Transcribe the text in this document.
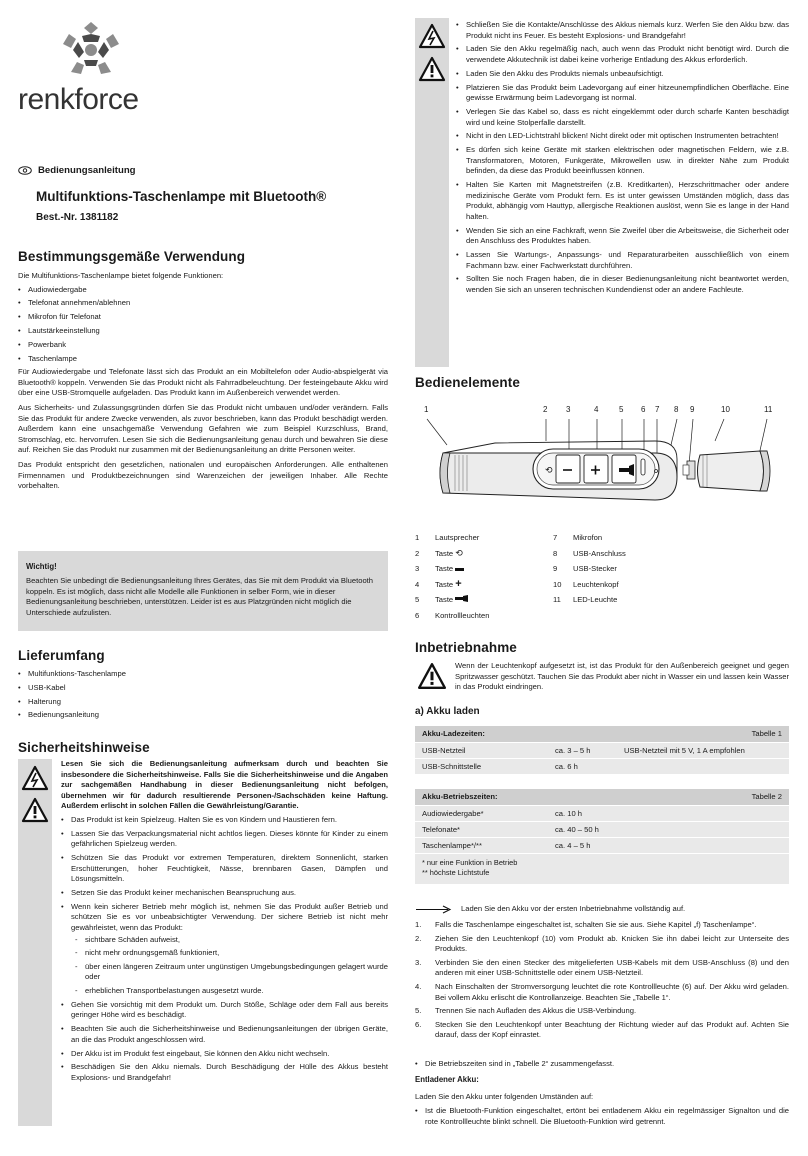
renkforce
Bedienungsanleitung
Multifunktions-Taschenlampe mit Bluetooth®
Best.-Nr. 1381182
Bestimmungsgemäße Verwendung
Die Multifunktions-Taschenlampe bietet folgende Funktionen:
• Audiowiedergabe
• Telefonat annehmen/ablehnen
• Mikrofon für Telefonat
• Lautstärkeeinstellung
• Powerbank
• Taschenlampe
Für Audiowiedergabe und Telefonate lässt sich das Produkt an ein Mobiltelefon oder Audio-abspielgerät via Bluetooth® koppeln. Verwenden Sie das Produkt nicht als Fahrradbeleuchtung. Der festeingebaute Akku wird über eine USB-Stromquelle aufgeladen. Das Produkt kann im Außenbereich verwendet werden.
Aus Sicherheits- und Zulassungsgründen dürfen Sie das Produkt nicht umbauen und/oder verändern. Falls Sie das Produkt für andere Zwecke verwenden, als zuvor beschrieben, kann das Produkt beschädigt werden. Außerdem kann eine unsachgemäße Verwendung Gefahren wie zum Beispiel Kurzschluss, Brand, Stromschlag, etc. hervorrufen. Lesen Sie sich die Bedienungsanleitung genau durch und bewahren Sie diese auf. Reichen Sie das Produkt nur zusammen mit der Bedienungsanleitung an dritte Personen weiter.
Das Produkt entspricht den gesetzlichen, nationalen und europäischen Anforderungen. Alle enthaltenen Firmennamen und Produktbezeichnungen sind Warenzeichen der jeweiligen Inhaber. Alle Rechte vorbehalten.
Wichtig!
Beachten Sie unbedingt die Bedienungsanleitung Ihres Gerätes, das Sie mit dem Produkt via Bluetooth koppeln. Es ist möglich, dass nicht alle Modelle alle Funktionen in selber Form, wie in dieser Bedienungsanleitung beschrieben, unterstützen. Leider ist es aus Platzgründen nicht möglich die Unterschiede aufzulisten.
Lieferumfang
• Multifunktions-Taschenlampe
• USB-Kabel
• Halterung
• Bedienungsanleitung
Sicherheitshinweise
Lesen Sie sich die Bedienungsanleitung aufmerksam durch und beachten Sie insbesondere die Sicherheitshinweise. Falls Sie die Sicherheitshinweise und die Angaben zur sachgemäßen Handhabung in dieser Bedienungsanleitung nicht befolgen, übernehmen wir für dadurch resultierende Personen-/Sachschäden keine Haftung. Außerdem erlischt in solchen Fällen die Gewährleistung/Garantie.
• Das Produkt ist kein Spielzeug. Halten Sie es von Kindern und Haustieren fern.
• Lassen Sie das Verpackungsmaterial nicht achtlos liegen. Dieses könnte für Kinder zu einem gefährlichen Spielzeug werden.
• Schützen Sie das Produkt vor extremen Temperaturen, direktem Sonnenlicht, starken Erschütterungen, hoher Feuchtigkeit, Nässe, brennbaren Gasen, Dämpfen und Lösungsmitteln.
• Setzen Sie das Produkt keiner mechanischen Beanspruchung aus.
• Wenn kein sicherer Betrieb mehr möglich ist, nehmen Sie das Produkt außer Betrieb und schützen Sie es vor unbeabsichtigter Verwendung. Der sichere Betrieb ist nicht mehr gewährleistet, wenn das Produkt:
- sichtbare Schäden aufweist,
- nicht mehr ordnungsgemäß funktioniert,
- über einen längeren Zeitraum unter ungünstigen Umgebungsbedingungen gelagert wurde oder
- erheblichen Transportbelastungen ausgesetzt wurde.
• Gehen Sie vorsichtig mit dem Produkt um. Durch Stöße, Schläge oder dem Fall aus bereits geringer Höhe wird es beschädigt.
• Beachten Sie auch die Sicherheitshinweise und Bedienungsanleitungen der übrigen Geräte, an die das Produkt angeschlossen wird.
• Der Akku ist im Produkt fest eingebaut, Sie können den Akku nicht wechseln.
• Beschädigen Sie den Akku niemals. Durch Beschädigung der Hülle des Akkus besteht Explosions- und Brandgefahr!
• Schließen Sie die Kontakte/Anschlüsse des Akkus niemals kurz. Werfen Sie den Akku bzw. das Produkt nicht ins Feuer. Es besteht Explosions- und Brandgefahr!
• Laden Sie den Akku regelmäßig nach, auch wenn das Produkt nicht benötigt wird. Durch die verwendete Akkutechnik ist dabei keine vorherige Entladung des Akkus erforderlich.
• Laden Sie den Akku des Produkts niemals unbeaufsichtigt.
• Platzieren Sie das Produkt beim Ladevorgang auf einer hitzeunempfindlichen Oberfläche. Eine gewisse Erwärmung beim Ladevorgang ist normal.
• Verlegen Sie das Kabel so, dass es nicht eingeklemmt oder durch scharfe Kanten beschädigt wird und keine Stolperfalle darstellt.
• Nicht in den LED-Lichtstrahl blicken! Nicht direkt oder mit optischen Instrumenten betrachten!
• Es dürfen sich keine Geräte mit starken elektrischen oder magnetischen Feldern, wie z.B. Transformatoren, Motoren, Funkgeräte, Mikrowellen usw. in direkter Nähe zum Produkt befinden, da diese das Produkt beeinflussen können.
• Halten Sie Karten mit Magnetstreifen (z.B. Kreditkarten), Herzschrittmacher oder andere medizinische Geräte vom Produkt fern. Es ist unter gewissen Umständen möglich, dass das Produkt, abhängig vom Hauttyp, allergische Reaktionen auslöst, wenn Sie es lange in der Hand halten.
• Wenden Sie sich an eine Fachkraft, wenn Sie Zweifel über die Arbeitsweise, die Sicherheit oder den Anschluss des Produktes haben.
• Lassen Sie Wartungs-, Anpassungs- und Reparaturarbeiten ausschließlich von einem Fachmann bzw. einer Fachwerkstatt durchführen.
• Sollten Sie noch Fragen haben, die in dieser Bedienungsanleitung nicht beantwortet werden, wenden Sie sich an unseren technischen Kundendienst oder an andere Fachleute.
Bedienelemente
1	2 3	4	5 6 7 8 9	10	11
⟲
1 Lautsprecher
2 Taste ⟲
3 Taste
4 Taste +
5 Taste
6 Kontrollleuchten
7 Mikrofon
8 USB-Anschluss
9 USB-Stecker
10 Leuchtenkopf
11 LED-Leuchte
Inbetriebnahme
Wenn der Leuchtenkopf aufgesetzt ist, ist das Produkt für den Außenbereich geeignet und gegen Spritzwasser geschützt. Tauchen Sie das Produkt aber nicht in Wasser ein und lassen kein Wasser in das Produkt eindringen.
a) Akku laden
Akku-Ladezeiten:		Tabelle 1
USB-Netzteil	ca. 3 – 5 h	USB-Netzteil mit 5 V, 1 A empfohlen
USB-Schnittstelle	ca. 6 h	
Akku-Betriebszeiten:		Tabelle 2
Audiowiedergabe*	ca. 10 h	
Telefonate*	ca. 40 – 50 h	
Taschenlampe*/**	ca. 4 – 5 h	
* nur eine Funktion in Betrieb
** höchste Lichtstufe
Laden Sie den Akku vor der ersten Inbetriebnahme vollständig auf.
1. Falls die Taschenlampe eingeschaltet ist, schalten Sie sie aus. Siehe Kapitel „f) Taschenlampe“.
2. Ziehen Sie den Leuchtenkopf (10) vom Produkt ab. Knicken Sie ihn dabei leicht zur Unterseite des Produkts.
3. Verbinden Sie den einen Stecker des mitgelieferten USB-Kabels mit dem USB-Anschluss (8) und den anderen mit einer USB-Schnittstelle oder einem USB-Netzteil.
4. Nach Einschalten der Stromversorgung leuchtet die rote Kontrollleuchte (6) auf. Der Akku wird geladen. Bei vollem Akku erlischt die Kontrollanzeige. Beachten Sie „Tabelle 1“.
5. Trennen Sie nach Aufladen des Akkus die USB-Verbindung.
6. Stecken Sie den Leuchtenkopf unter Beachtung der Richtung wieder auf das Produkt auf. Achten Sie darauf, dass der Kopf einrastet.
• Die Betriebszeiten sind in „Tabelle 2“ zusammengefasst.
Entladener Akku:
Laden Sie den Akku unter folgenden Umständen auf:
• Ist die Bluetooth-Funktion eingeschaltet, ertönt bei entladenem Akku ein regelmässiger Signalton und die rote Kontrollleuchte blinkt schnell. Die Bluetooth-Funktion wird getrennt.
